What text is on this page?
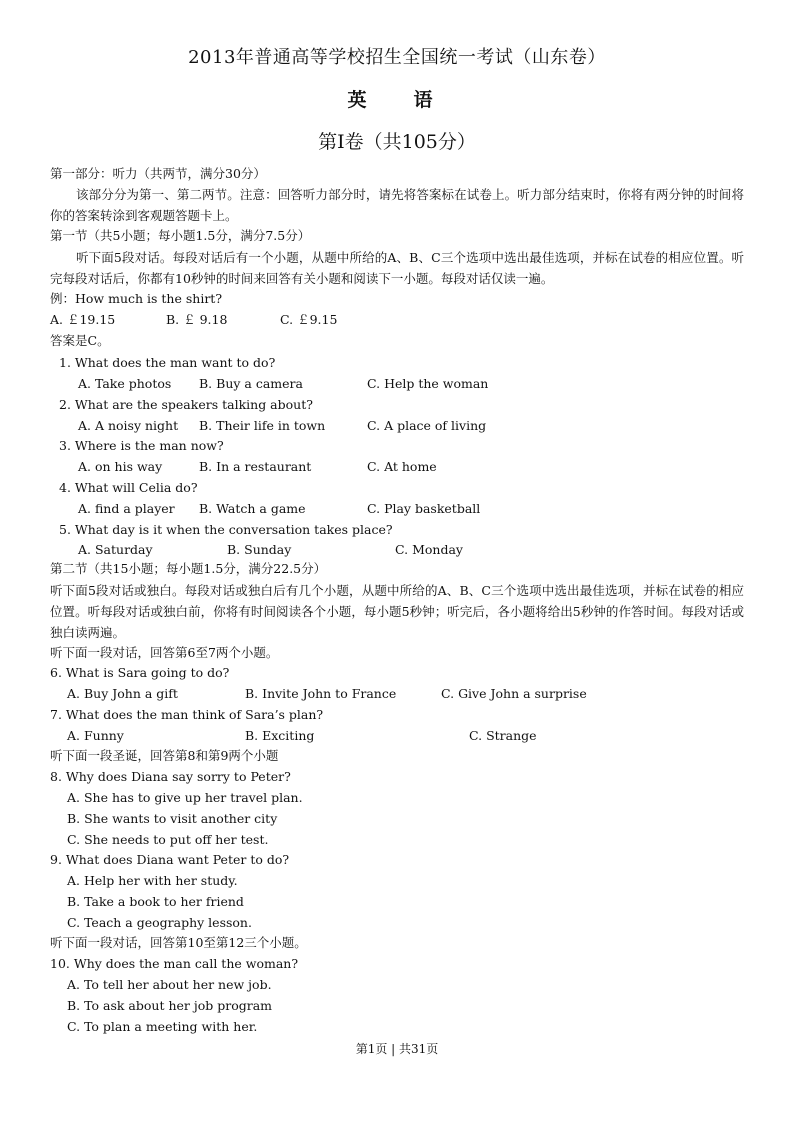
2013年普通高等学校招生全国统一考试（山东卷）
英　语
第Ⅰ卷（共105分）
第一部分：听力（共两节，满分30分）
该部分分为第一、第二两节。注意：回答听力部分时，请先将答案标在试卷上。听力部分结束时，你将有两分钟的时间将你的答案转涂到客观题答题卡上。
第一节（共5小题；每小题1.5分，满分7.5分）
听下面5段对话。每段对话后有一个小题，从题中所给的A、B、C三个选项中选出最佳选项，并标在试卷的相应位置。听完每段对话后，你都有10秒钟的时间来回答有关小题和阅读下一小题。每段对话仅读一遍。
例：How much is the shirt?
A. ￡19.15	B. ￡ 9.18	C. ￡9.15
答案是C。
1. What does the man want to do?
A. Take photos B. Buy a camera	C. Help the woman
2. What are the speakers talking about?
A. A noisy night B. Their life in town	C. A place of living
3. Where is the man now?
A. on his way	B. In a restaurant	C. At home
4. What will Celia do?
A. find a player B. Watch a game	C. Play basketball
5. What day is it when the conversation takes place?
A. Saturday	B. Sunday	C. Monday
第二节（共15小题；每小题1.5分，满分22.5分）
听下面5段对话或独白。每段对话或独白后有几个小题，从题中所给的A、B、C三个选项中选出最佳选项，并标在试卷的相应位置。听每段对话或独白前，你将有时间阅读各个小题，每小题5秒钟；听完后，各小题将给出5秒钟的作答时间。每段对话或独白读两遍。
听下面一段对话，回答第6至7两个小题。
6. What is Sara going to do?
A. Buy John a gift	B. Invite John to France	C. Give John a surprise
7. What does the man think of Sara’s plan?
A. Funny	B. Exciting	C. Strange
听下面一段圣诞，回答第8和第9两个小题
8. Why does Diana say sorry to Peter?
A. She has to give up her travel plan.
B. She wants to visit another city
C. She needs to put off her test.
9. What does Diana want Peter to do?
A. Help her with her study.
B. Take a book to her friend
C. Teach a geography lesson.
听下面一段对话，回答第10至第12三个小题。
10. Why does the man call the woman?
A. To tell her about her new job.
B. To ask about her job program
C. To plan a meeting with her.
第1页 | 共31页
